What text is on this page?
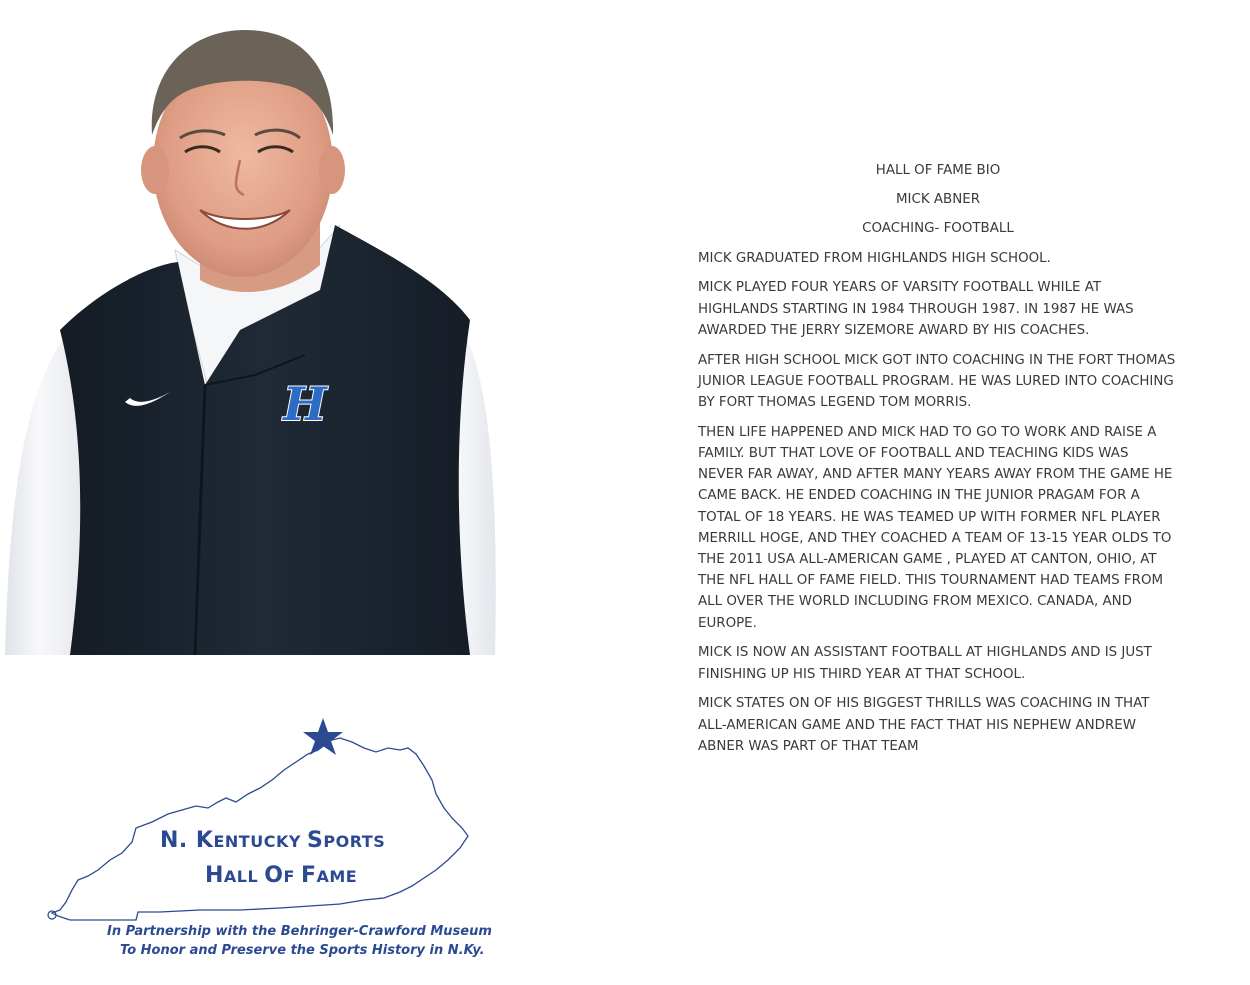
H
N. KENTUCKY SPORTS
HALL OF FAME
In Partnership with the Behringer-Crawford Museum
To Honor and Preserve the Sports History in N.Ky.
HALL OF FAME BIO
MICK ABNER
COACHING- FOOTBALL

MICK GRADUATED FROM HIGHLANDS HIGH SCHOOL.

MICK PLAYED FOUR YEARS OF VARSITY FOOTBALL WHILE AT HIGHLANDS STARTING IN 1984 THROUGH 1987. IN 1987 HE WAS AWARDED THE JERRY SIZEMORE AWARD BY HIS COACHES.

AFTER HIGH SCHOOL MICK GOT INTO COACHING IN THE FORT THOMAS JUNIOR LEAGUE FOOTBALL PROGRAM. HE WAS LURED INTO COACHING BY FORT THOMAS LEGEND TOM MORRIS.

THEN LIFE HAPPENED AND MICK HAD TO GO TO WORK AND RAISE A FAMILY. BUT THAT LOVE OF FOOTBALL AND TEACHING KIDS WAS NEVER FAR AWAY, AND AFTER MANY YEARS AWAY FROM THE GAME HE CAME BACK. HE ENDED COACHING IN THE JUNIOR PRAGAM FOR A TOTAL OF 18 YEARS. HE WAS TEAMED UP WITH FORMER NFL PLAYER MERRILL HOGE, AND THEY COACHED A TEAM OF 13-15 YEAR OLDS TO THE 2011 USA ALL-AMERICAN GAME , PLAYED AT CANTON, OHIO, AT THE NFL HALL OF FAME FIELD. THIS TOURNAMENT HAD TEAMS FROM ALL OVER THE WORLD INCLUDING FROM MEXICO. CANADA, AND EUROPE.

MICK IS NOW AN ASSISTANT FOOTBALL AT HIGHLANDS AND IS JUST FINISHING UP HIS THIRD YEAR AT THAT SCHOOL.

MICK STATES ON OF HIS BIGGEST THRILLS WAS COACHING IN THAT ALL-AMERICAN GAME AND THE FACT THAT HIS NEPHEW ANDREW ABNER WAS PART OF THAT TEAM
